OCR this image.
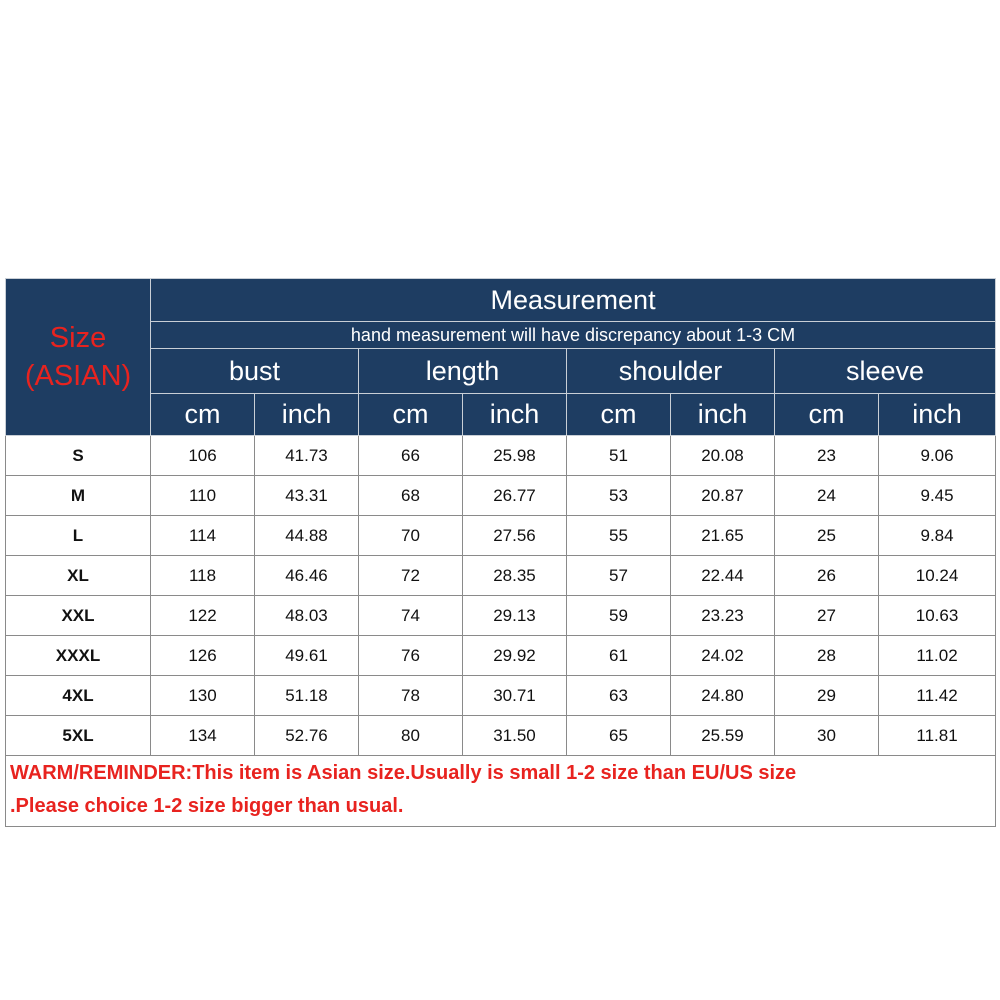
Size
(ASIAN)	Measurement							
	hand measurement will have discrepancy about 1-3 CM							
	bust		length		shoulder		sleeve	
	cm	inch	cm	inch	cm	inch	cm	inch
S	106	41.73	66	25.98	51	20.08	23	9.06
M	110	43.31	68	26.77	53	20.87	24	9.45
L	114	44.88	70	27.56	55	21.65	25	9.84
XL	118	46.46	72	28.35	57	22.44	26	10.24
XXL	122	48.03	74	29.13	59	23.23	27	10.63
XXXL	126	49.61	76	29.92	61	24.02	28	11.02
4XL	130	51.18	78	30.71	63	24.80	29	11.42
5XL	134	52.76	80	31.50	65	25.59	30	11.81

WARM/REMINDER:This item is Asian size.Usually is small 1-2 size than EU/US size
.Please choice 1-2 size bigger than usual.								
